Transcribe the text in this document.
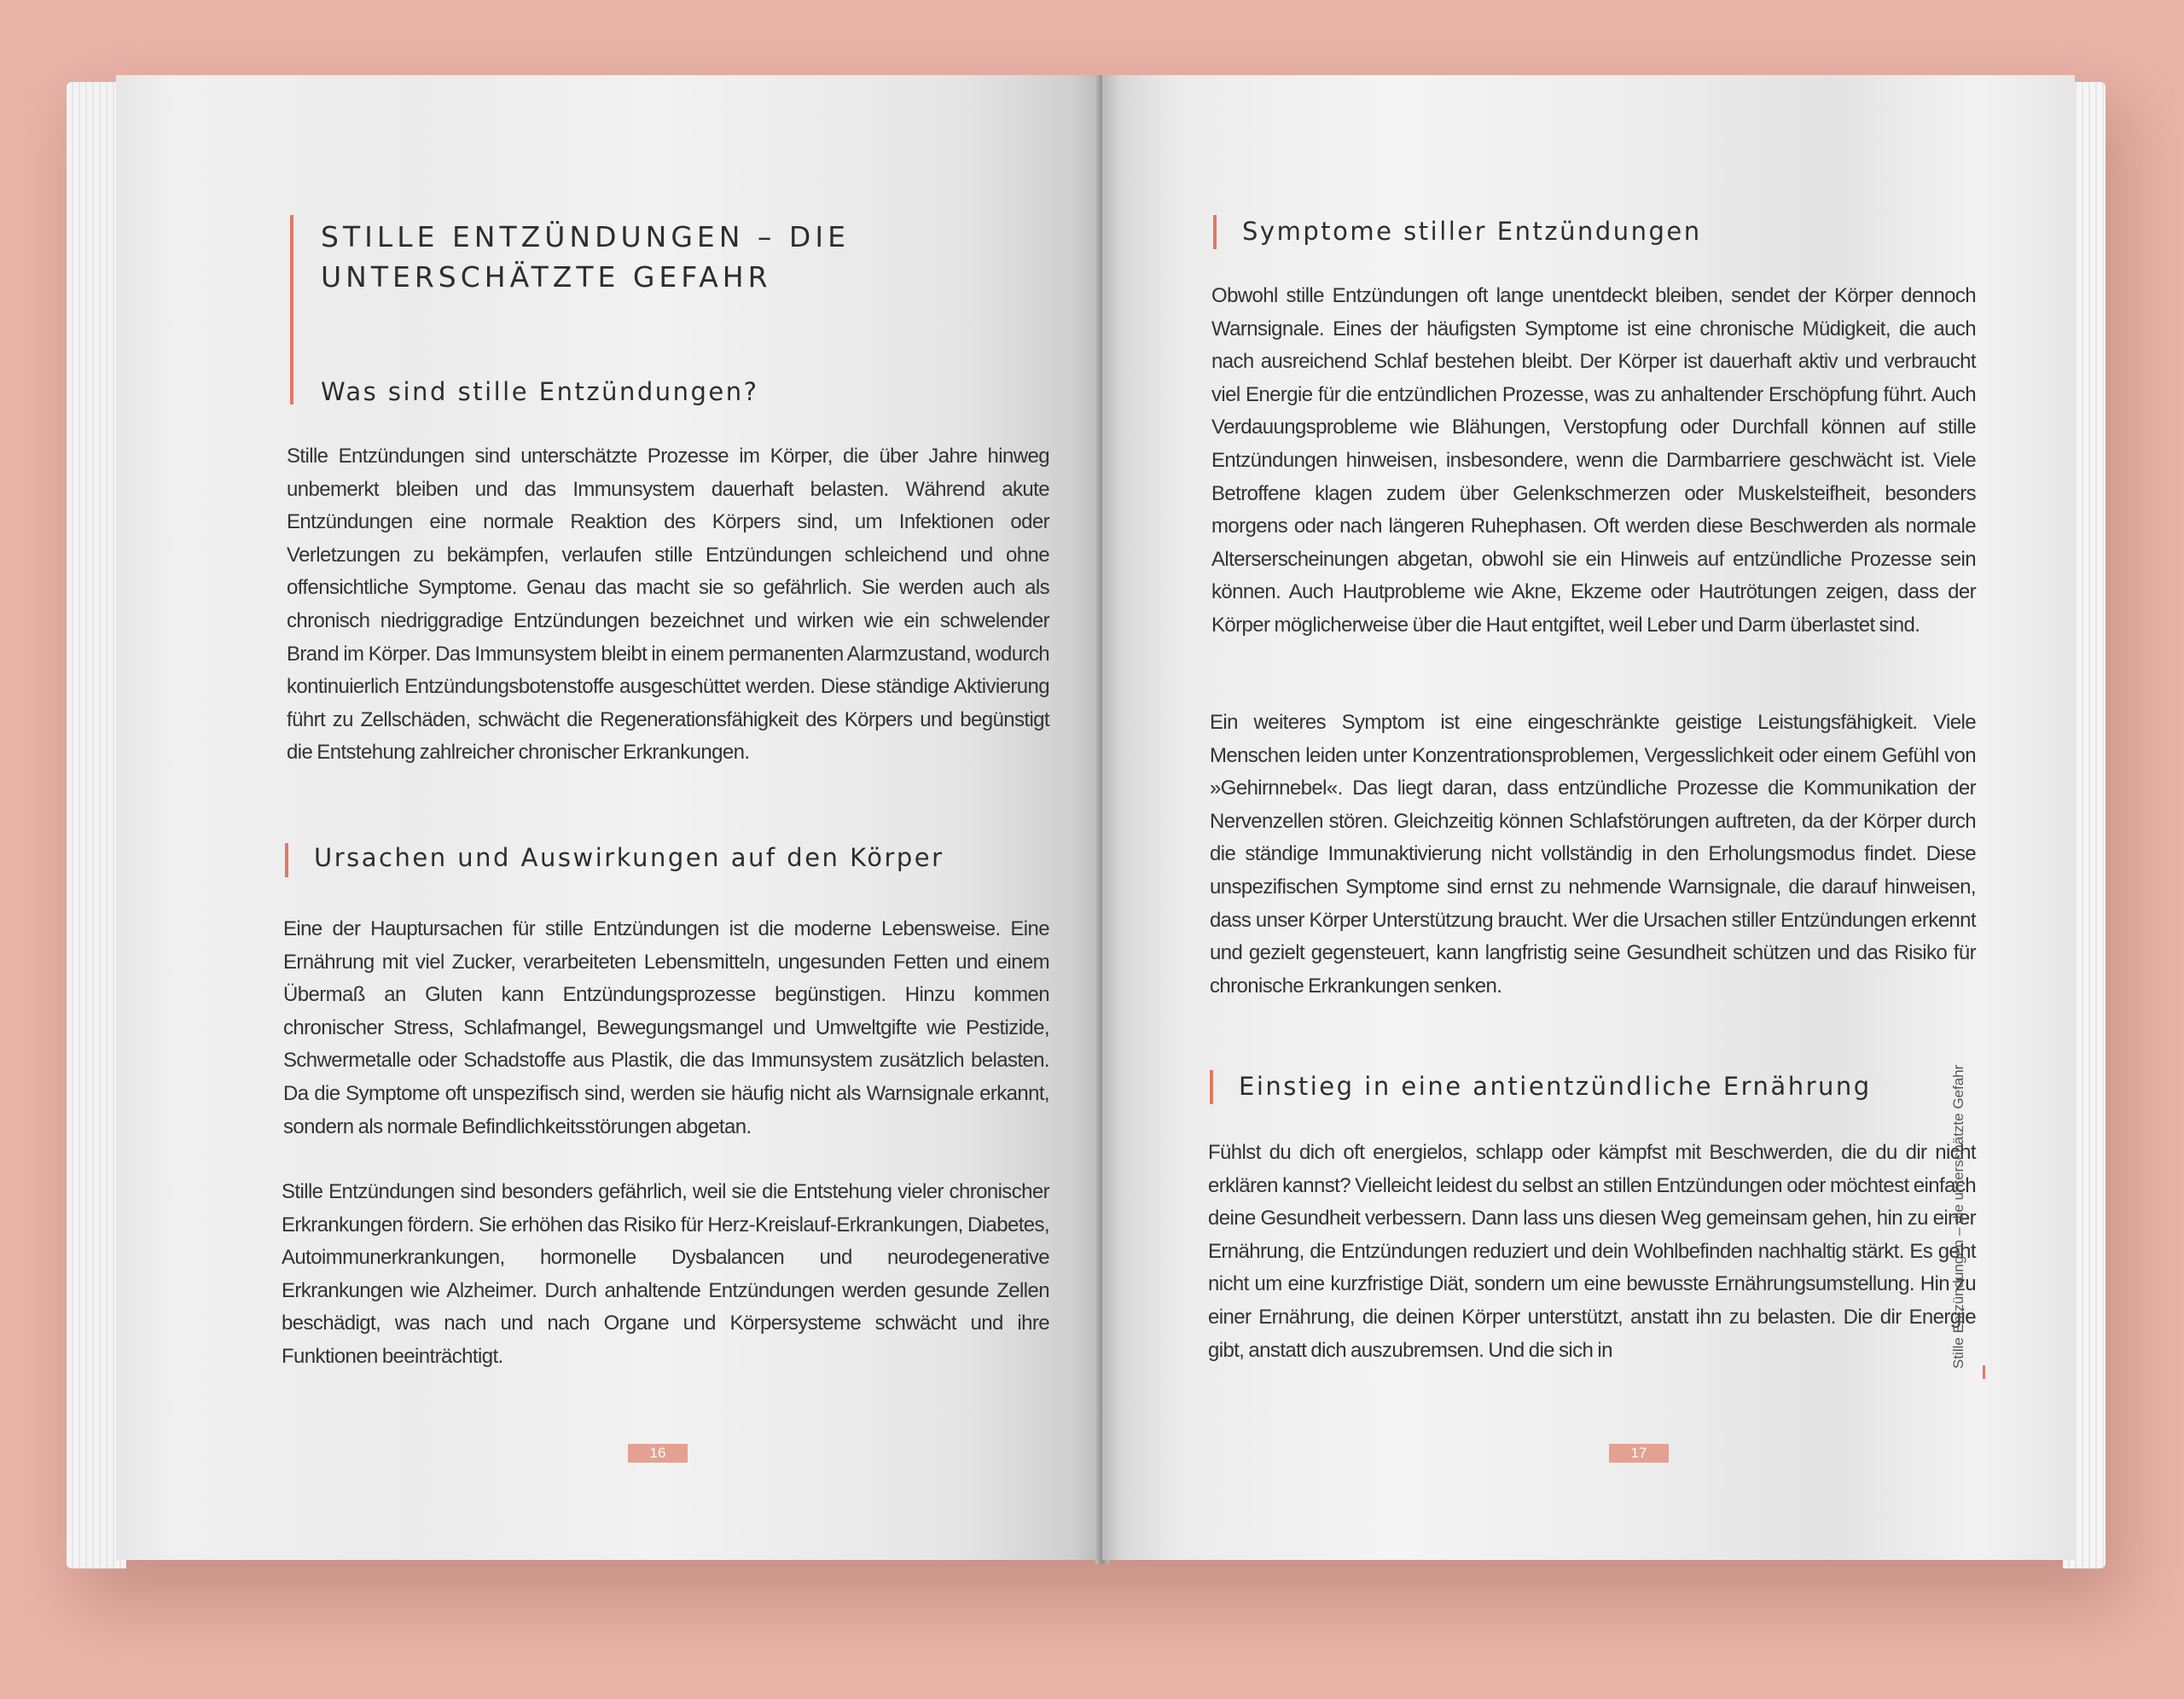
STILLE ENTZÜNDUNGEN – DIE UNTERSCHÄTZTE GEFAHR
Was sind stille Entzündungen?

Stille Entzündungen sind unterschätzte Prozesse im Körper, die über Jahre hinweg unbemerkt bleiben und das Immunsystem dauerhaft belasten. Während akute Entzündungen eine normale Reaktion des Körpers sind, um Infektionen oder Verletzungen zu bekämpfen, verlaufen stille Entzündungen schleichend und ohne offensichtliche Symptome. Genau das macht sie so gefährlich. Sie werden auch als chronisch niedriggradige Entzündungen bezeichnet und wirken wie ein schwelender Brand im Körper. Das Immunsystem bleibt in einem permanenten Alarmzustand, wodurch kontinuierlich Entzündungsbotenstoffe ausgeschüttet werden. Diese ständige Aktivierung führt zu Zellschäden, schwächt die Regenerationsfähigkeit des Körpers und begünstigt die Entstehung zahlreicher chronischer Erkrankungen.

Ursachen und Auswirkungen auf den Körper

Eine der Hauptursachen für stille Entzündungen ist die moderne Lebensweise. Eine Ernährung mit viel Zucker, verarbeiteten Lebensmitteln, ungesunden Fetten und einem Übermaß an Gluten kann Entzündungsprozesse begünstigen. Hinzu kommen chronischer Stress, Schlafmangel, Bewegungsmangel und Umweltgifte wie Pestizide, Schwermetalle oder Schadstoffe aus Plastik, die das Immunsystem zusätzlich belasten. Da die Symptome oft unspezifisch sind, werden sie häufig nicht als Warnsignale erkannt, sondern als normale Befindlichkeitsstörungen abgetan.

Stille Entzündungen sind besonders gefährlich, weil sie die Entstehung vieler chronischer Erkrankungen fördern. Sie erhöhen das Risiko für Herz-Kreislauf-Erkrankungen, Diabetes, Autoimmunerkrankungen, hormonelle Dysbalancen und neurodegenerative Erkrankungen wie Alzheimer. Durch anhaltende Entzündungen werden gesunde Zellen beschädigt, was nach und nach Organe und Körpersysteme schwächt und ihre Funktionen beeinträchtigt.

16
Symptome stiller Entzündungen

Obwohl stille Entzündungen oft lange unentdeckt bleiben, sendet der Körper dennoch Warnsignale. Eines der häufigsten Symptome ist eine chronische Müdigkeit, die auch nach ausreichend Schlaf bestehen bleibt. Der Körper ist dauerhaft aktiv und verbraucht viel Energie für die entzündlichen Prozesse, was zu anhaltender Erschöpfung führt. Auch Verdauungsprobleme wie Blähungen, Verstopfung oder Durchfall können auf stille Entzündungen hinweisen, insbesondere, wenn die Darmbarriere geschwächt ist. Viele Betroffene klagen zudem über Gelenkschmerzen oder Muskelsteifheit, besonders morgens oder nach längeren Ruhephasen. Oft werden diese Beschwerden als normale Alterserscheinungen abgetan, obwohl sie ein Hinweis auf entzündliche Prozesse sein können. Auch Hautprobleme wie Akne, Ekzeme oder Hautrötungen zeigen, dass der Körper möglicherweise über die Haut entgiftet, weil Leber und Darm überlastet sind.

Ein weiteres Symptom ist eine eingeschränkte geistige Leistungsfähigkeit. Viele Menschen leiden unter Konzentrationsproblemen, Vergesslichkeit oder einem Gefühl von »Gehirnnebel«. Das liegt daran, dass entzündliche Prozesse die Kommunikation der Nervenzellen stören. Gleichzeitig können Schlafstörungen auftreten, da der Körper durch die ständige Immunaktivierung nicht vollständig in den Erholungsmodus findet. Diese unspezifischen Symptome sind ernst zu nehmende Warnsignale, die darauf hinweisen, dass unser Körper Unterstützung braucht. Wer die Ursachen stiller Entzündungen erkennt und gezielt gegensteuert, kann langfristig seine Gesundheit schützen und das Risiko für chronische Erkrankungen senken.

Einstieg in eine antientzündliche Ernährung

Fühlst du dich oft energielos, schlapp oder kämpfst mit Beschwerden, die du dir nicht erklären kannst? Vielleicht leidest du selbst an stillen Entzündungen oder möchtest einfach deine Gesundheit verbessern. Dann lass uns diesen Weg gemeinsam gehen, hin zu einer Ernährung, die Entzündungen reduziert und dein Wohlbefinden nachhaltig stärkt. Es geht nicht um eine kurzfristige Diät, sondern um eine bewusste Ernährungsumstellung. Hin zu einer Ernährung, die deinen Körper unterstützt, anstatt ihn zu belasten. Die dir Energie gibt, anstatt dich auszubremsen. Und die sich in

17
Stille Entzündungen – die unterschätzte Gefahr
